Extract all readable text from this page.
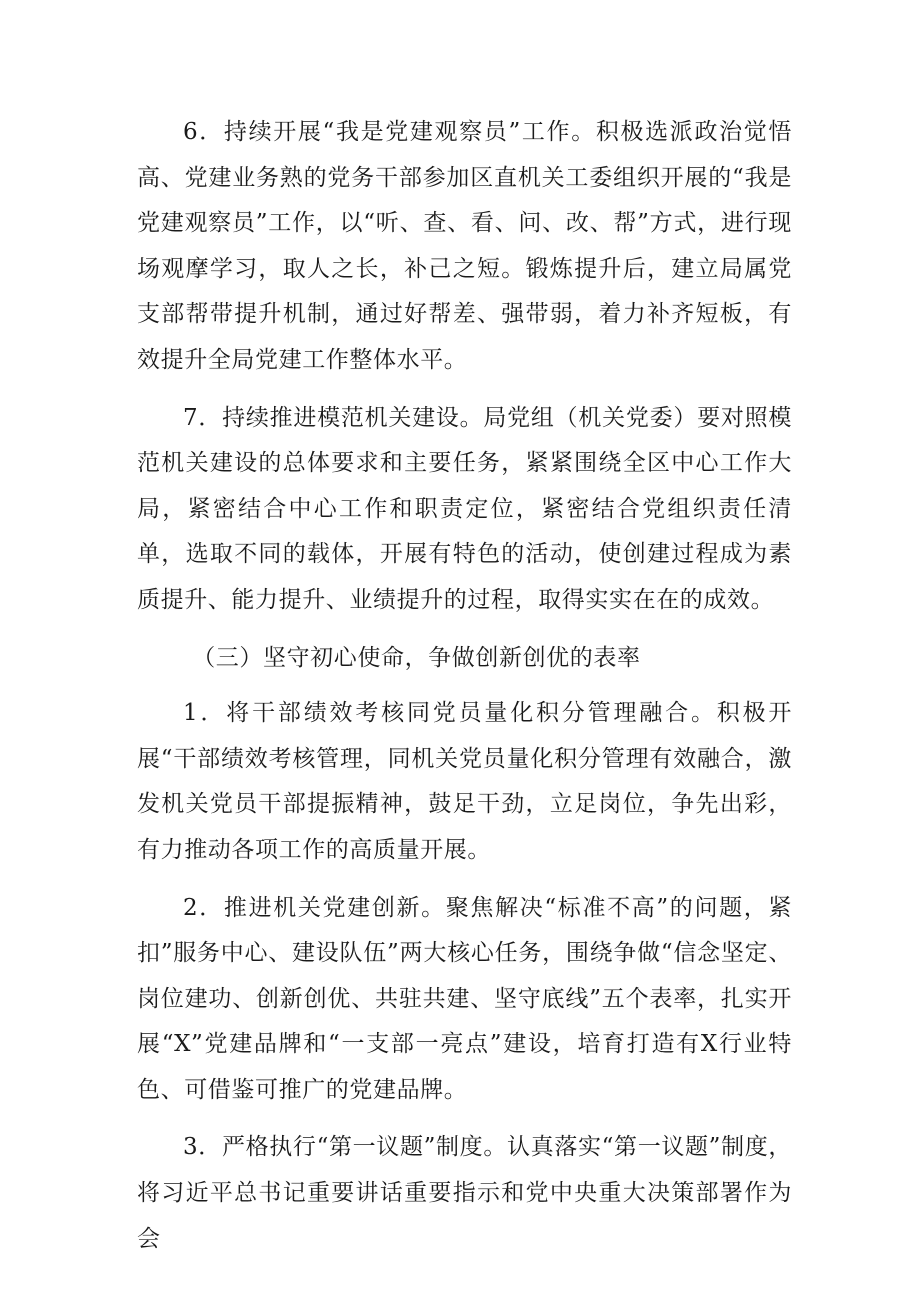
6．持续开展“我是党建观察员”工作。积极选派政治觉悟高、党建业务熟的党务干部参加区直机关工委组织开展的“我是党建观察员”工作，以“听、查、看、问、改、帮”方式，进行现场观摩学习，取人之长，补己之短。锻炼提升后，建立局属党支部帮带提升机制，通过好帮差、强带弱，着力补齐短板，有效提升全局党建工作整体水平。

7．持续推进模范机关建设。局党组（机关党委）要对照模范机关建设的总体要求和主要任务，紧紧围绕全区中心工作大局，紧密结合中心工作和职责定位，紧密结合党组织责任清单，选取不同的载体，开展有特色的活动，使创建过程成为素质提升、能力提升、业绩提升的过程，取得实实在在的成效。

（三）坚守初心使命，争做创新创优的表率

1．将干部绩效考核同党员量化积分管理融合。积极开展“干部绩效考核管理，同机关党员量化积分管理有效融合，激发机关党员干部提振精神，鼓足干劲，立足岗位，争先出彩，有力推动各项工作的高质量开展。

2．推进机关党建创新。聚焦解决“标准不高”的问题，紧扣”服务中心、建设队伍”两大核心任务，围绕争做“信念坚定、岗位建功、创新创优、共驻共建、坚守底线”五个表率，扎实开展“X”党建品牌和“一支部一亮点”建设，培育打造有X行业特色、可借鉴可推广的党建品牌。

3．严格执行“第一议题”制度。认真落实“第一议题”制度，将习近平总书记重要讲话重要指示和党中央重大决策部署作为会
